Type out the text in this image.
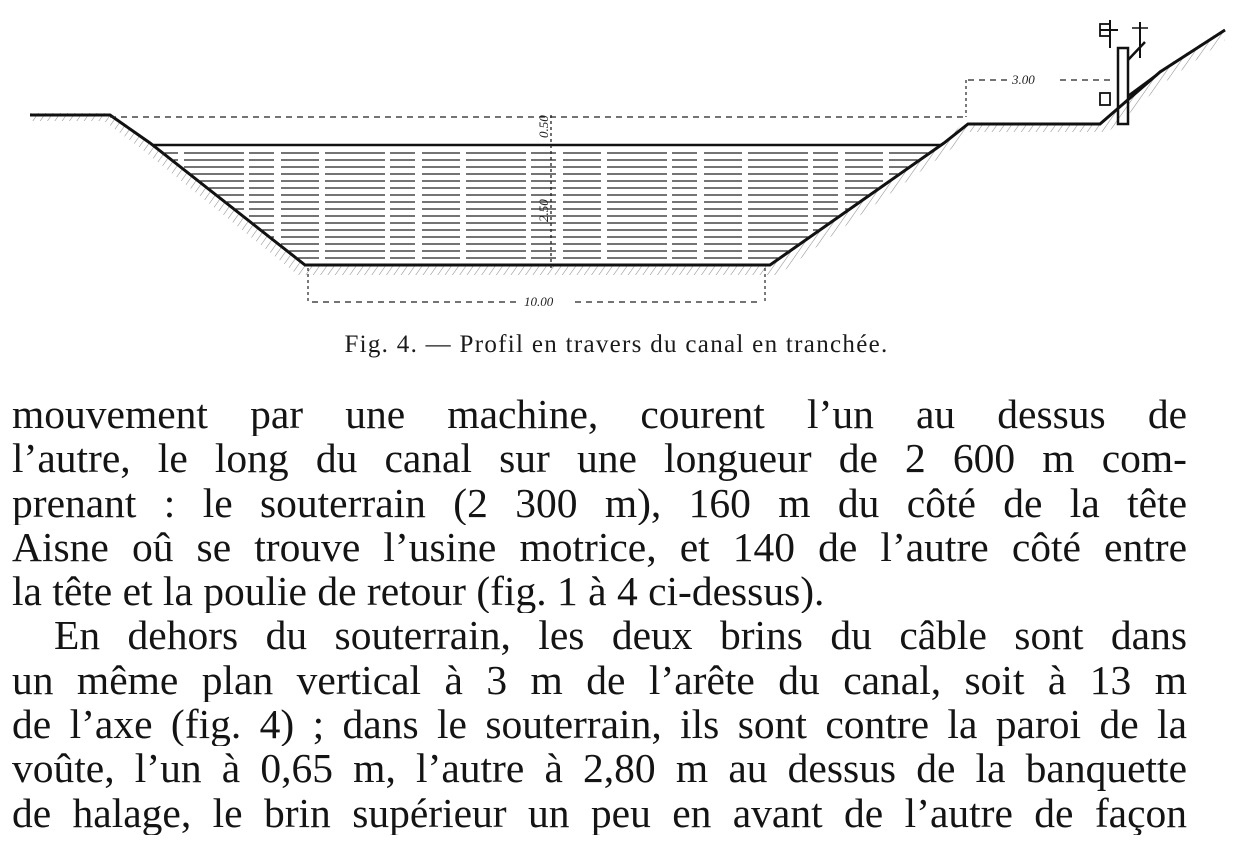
0.50
2.50
10.00
3.00
Fig. 4. — Profil en travers du canal en tranchée.
mouvement par une machine, courent l’un au dessus de
l’autre, le long du canal sur une longueur de 2 600 m com-
prenant : le souterrain (2 300 m), 160 m du côté de la tête
Aisne oû se trouve l’usine motrice, et 140 de l’autre côté entre
la tête et la poulie de retour (fig. 1 à 4 ci-dessus).
En dehors du souterrain, les deux brins du câble sont dans
un même plan vertical à 3 m de l’arête du canal, soit à 13 m
de l’axe (fig. 4) ; dans le souterrain, ils sont contre la paroi de la
voûte, l’un à 0,65 m, l’autre à 2,80 m au dessus de la banquette
de halage, le brin supérieur un peu en avant de l’autre de façon
